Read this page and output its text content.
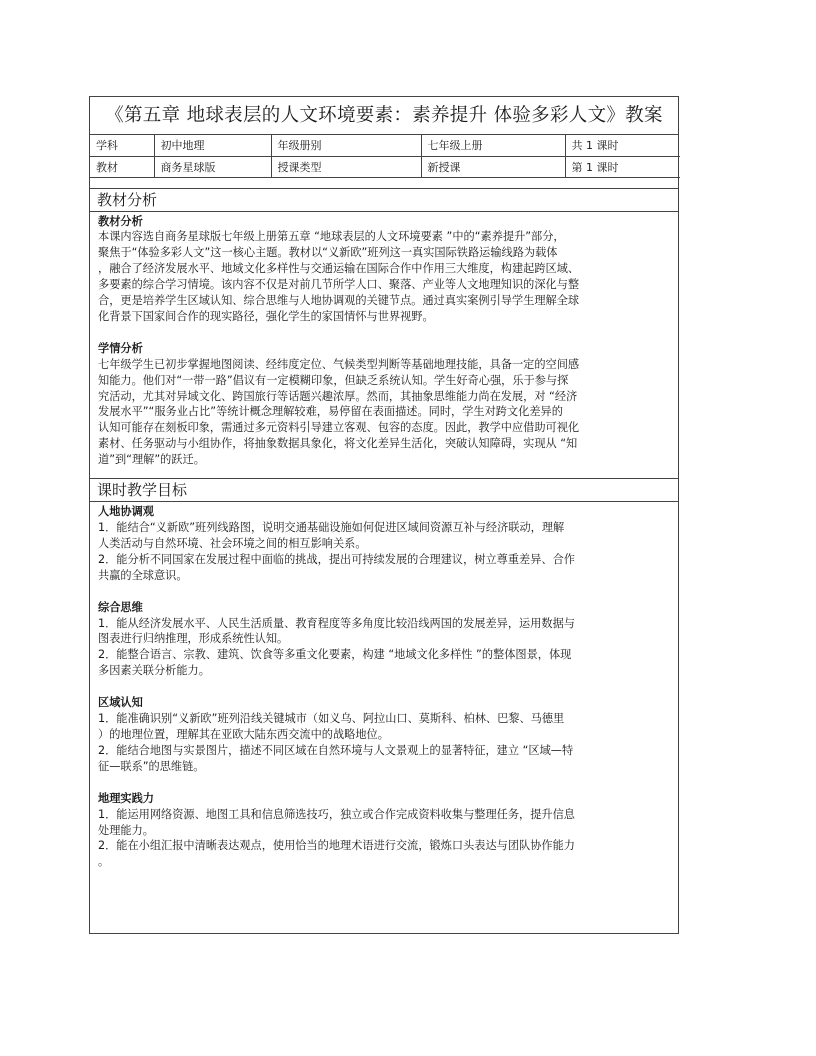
《第五章 地球表层的人文环境要素：素养提升 体验多彩人文》教案
学科	初中地理	年级册别	七年级上册	共 1 课时
教材	商务星球版	授课类型	新授课	第 1 课时
教材分析
教材分析

本课内容选自商务星球版七年级上册第五章 “地球表层的人文环境要素 ”中的“素养提升”部分，

聚焦于“体验多彩人文”这一核心主题。教材以“义新欧”班列这一真实国际铁路运输线路为载体

，融合了经济发展水平、地域文化多样性与交通运输在国际合作中作用三大维度，构建起跨区域、

多要素的综合学习情境。该内容不仅是对前几节所学人口、聚落、产业等人文地理知识的深化与整

合，更是培养学生区域认知、综合思维与人地协调观的关键节点。通过真实案例引导学生理解全球

化背景下国家间合作的现实路径，强化学生的家国情怀与世界视野。

学情分析

七年级学生已初步掌握地图阅读、经纬度定位、气候类型判断等基础地理技能，具备一定的空间感

知能力。他们对“一带一路”倡议有一定模糊印象，但缺乏系统认知。学生好奇心强，乐于参与探

究活动，尤其对异域文化、跨国旅行等话题兴趣浓厚。然而，其抽象思维能力尚在发展，对 “经济

发展水平”“服务业占比”等统计概念理解较难，易停留在表面描述。同时，学生对跨文化差异的

认知可能存在刻板印象，需通过多元资料引导建立客观、包容的态度。因此，教学中应借助可视化

素材、任务驱动与小组协作，将抽象数据具象化，将文化差异生活化，突破认知障碍，实现从 “知

道”到“理解”的跃迁。

课时教学目标
人地协调观

1．能结合“义新欧”班列线路图，说明交通基础设施如何促进区域间资源互补与经济联动，理解

人类活动与自然环境、社会环境之间的相互影响关系。

2．能分析不同国家在发展过程中面临的挑战，提出可持续发展的合理建议，树立尊重差异、合作

共赢的全球意识。

综合思维

1．能从经济发展水平、人民生活质量、教育程度等多角度比较沿线两国的发展差异，运用数据与

图表进行归纳推理，形成系统性认知。

2．能整合语言、宗教、建筑、饮食等多重文化要素，构建 “地域文化多样性 ”的整体图景，体现

多因素关联分析能力。

区域认知

1．能准确识别“义新欧”班列沿线关键城市（如义乌、阿拉山口、莫斯科、柏林、巴黎、马德里

）的地理位置，理解其在亚欧大陆东西交流中的战略地位。

2．能结合地图与实景图片，描述不同区域在自然环境与人文景观上的显著特征，建立 “区域—特

征—联系”的思维链。

地理实践力

1．能运用网络资源、地图工具和信息筛选技巧，独立或合作完成资料收集与整理任务，提升信息

处理能力。

2．能在小组汇报中清晰表达观点，使用恰当的地理术语进行交流，锻炼口头表达与团队协作能力

。
